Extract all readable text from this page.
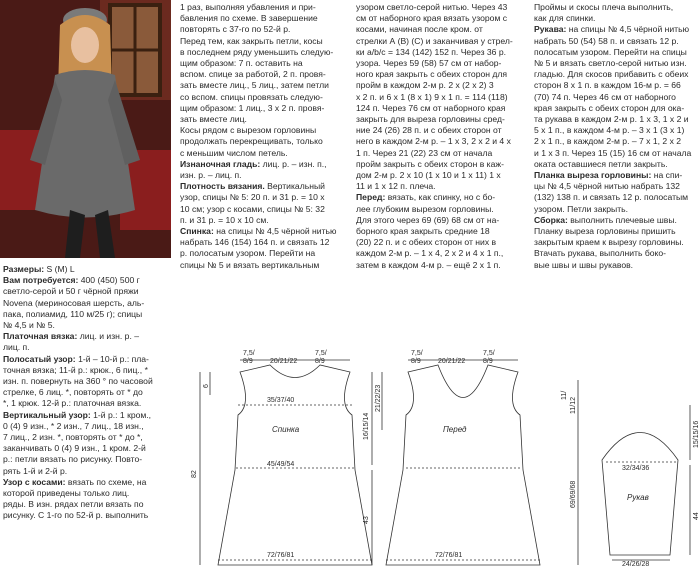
Размеры: S (M) L

Вам потребуется: 400 (450) 500 г

светло-серой и 50 г чёрной пряжи

Novena (мериносовая шерсть, аль-

пака, полиамид, 110 м/25 г); спицы

№ 4,5 и № 5.

Платочная вязка: лиц. и изн. р. –

лиц. п.

Полосатый узор: 1-й – 10-й р.: пла-

точная вязка; 11-й р.: крюк., 6 пиц., *

изн. п. повернуть на 360 ° по часовой

стрелке, 6 лиц. *, повторять от * до

*, 1 крюк. 12-й р.: платочная вязка.

Вертикальный узор: 1-й р.: 1 кром.,

0 (4) 9 изн., * 2 изн., 7 лиц., 18 изн.,

7 лиц., 2 изн. *, повторять от * до *,

заканчивать 0 (4) 9 изн., 1 кром. 2-й

р.: петли вязать по рисунку. Повто-

рять 1-й и 2-й р.

Узор с косами: вязать по схеме, на

которой приведены только лиц.

ряды. В изн. рядах петли вязать по

рисунку. С 1-го по 52-й р. выполнить

1 раз, выполняя убавления и при-

бавления по схеме. В завершение

повторять с 37-го по 52-й р.

Перед тем, как закрыть петли, косы

в последнем ряду уменьшить следую-

щим образом: 7 п. оставить на

вспом. спице за работой, 2 п. провя-

зать вместе лиц., 5 лиц., затем петли

со вспом. спицы провязать следую-

щим образом: 1 лиц., 3 х 2 п. провя-

зать вместе лиц.

Косы рядом с вырезом горловины

продолжать перекрещивать, только

с меньшим числом петель.

Изнаночная гладь: лиц. р. – изн. п.,

изн. р. – лиц. п.

Плотность вязания. Вертикальный

узор, спицы № 5: 20 п. и 31 р. = 10 х

10 см; узор с косами, спицы № 5: 32

п. и 31 р. = 10 х 10 см.

Спинка: на спицы № 4,5 чёрной нитью

набрать 146 (154) 164 п. и связать 12

р. полосатым узором. Перейти на

спицы № 5 и вязать вертикальным

узором светло-серой нитью. Через 43

см от наборного края вязать узором с

косами, начиная после кром. от

стрелки А (В) (С) и заканчивая у стрел-

ки a/b/c = 134 (142) 152 п. Через 36 р.

узора. Через 59 (58) 57 см от набор-

ного края закрыть с обеих сторон для

пройм в каждом 2-м р. 2 х (2 х 2) 3

х 2 п. и 6 х 1 (8 х 1) 9 х 1 п. = 114 (118)

124 п. Через 76 см от наборного края

закрыть для выреза горловины сред-

ние 24 (26) 28 п. и с обеих сторон от

него в каждом 2-м р. – 1 х 3, 2 х 2 и 4 х

1 п. Через 21 (22) 23 см от начала

пройм закрыть с обеих сторон в каж-

дом 2-м р. 2 х 10 (1 х 10 и 1 х 11) 1 х

11 и 1 х 12 п. плеча.

Перед: вязать, как спинку, но с бо-

лее глубоким вырезом горловины.

Для этого через 69 (69) 68 см от на-

борного края закрыть средние 18

(20) 22 п. и с обеих сторон от них в

каждом 2-м р. – 1 х 4, 2 х 2 и 4 х 1 п.,

затем в каждом 4-м р. – ещё 2 х 1 п.

Проймы и скосы плеча выполнить,

как для спинки.

Рукава: на спицы № 4,5 чёрной нитью

набрать 50 (54) 58 п. и связать 12 р.

полосатым узором. Перейти на спицы

№ 5 и вязать светло-серой нитью изн.

гладью. Для скосов прибавить с обеих

сторон 8 х 1 п. в каждом 16-м р. = 66

(70) 74 п. Через 46 см от наборного

края закрыть с обеих сторон для ока-

та рукава в каждом 2-м р. 1 х 3, 1 х 2 и

5 х 1 п., в каждом 4-м р. – 3 х 1 (3 х 1)

2 х 1 п., в каждом 2-м р. – 7 х 1, 2 х 2

и 1 х 3 п. Через 15 (15) 16 см от начала

оката оставшиеся петли закрыть.

Планка выреза горловины: на спи-

цы № 4,5 чёрной нитью набрать 132

(132) 138 п. и связать 12 р. полосатым

узором. Петли закрыть.

Сборка: выполнить плечевые швы.

Планку выреза горловины пришить

закрытым краем к вырезу горловины.

Втачать рукава, выполнить боко-

вые швы и швы рукавов.

7,5/
8/9 20/21/22
7,5/
8/9
35/37/40
Спинка
45/49/54
72/76/81
82
6
7,5/
8/9 20/21/22
7,5/
8/9
Перед
72/76/81
16/15/14
21/22/23
43
11/
11/12
69/69/68
15/15/16
44
32/34/36
Рукав
24/26/28
